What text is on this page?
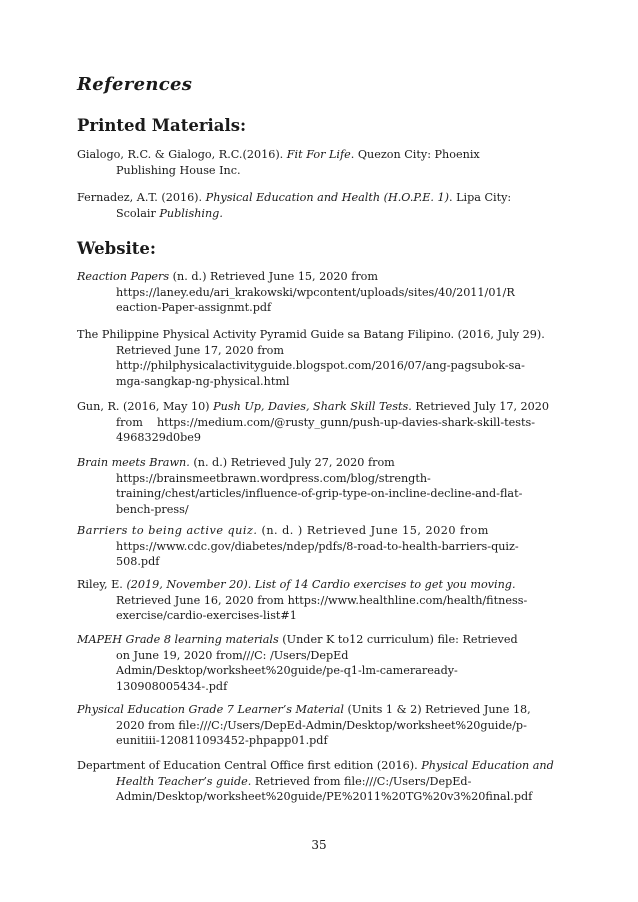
References
Printed Materials:

Gialogo, R.C. & Gialogo, R.C.(2016). Fit For Life. Quezon City: Phoenix
Publishing House Inc.

Fernadez, A.T. (2016). Physical Education and Health (H.O.P.E. 1). Lipa City:
Scolair Publishing.

Website:

Reaction Papers (n. d.) Retrieved June 15, 2020 from
https://laney.edu/ari_krakowski/wpcontent/uploads/sites/40/2011/01/R
eaction-Paper-assignmt.pdf

The Philippine Physical Activity Pyramid Guide sa Batang Filipino. (2016, July 29).
Retrieved June 17, 2020 from
http://philphysicalactivityguide.blogspot.com/2016/07/ang-pagsubok-sa-
mga-sangkap-ng-physical.html

Gun, R. (2016, May 10) Push Up, Davies, Shark Skill Tests. Retrieved July 17, 2020
from    https://medium.com/@rusty_gunn/push-up-davies-shark-skill-tests-
4968329d0be9

Brain meets Brawn. (n. d.) Retrieved July 27, 2020 from
https://brainsmeetbrawn.wordpress.com/blog/strength-
training/chest/articles/influence-of-grip-type-on-incline-decline-and-flat-
bench-press/

Barriers to being active quiz. (n. d. ) Retrieved June 15, 2020 from
https://www.cdc.gov/diabetes/ndep/pdfs/8-road-to-health-barriers-quiz-
508.pdf

Riley, E. (2019, November 20). List of 14 Cardio exercises to get you moving.
Retrieved June 16, 2020 from https://www.healthline.com/health/fitness-
exercise/cardio-exercises-list#1

MAPEH Grade 8 learning materials (Under K to12 curriculum) file: Retrieved
on June 19, 2020 from///C: /Users/DepEd
Admin/Desktop/worksheet%20guide/pe-q1-lm-cameraready-
130908005434-.pdf

Physical Education Grade 7 Learner’s Material (Units 1 & 2) Retrieved June 18,
2020 from file:///C:/Users/DepEd-Admin/Desktop/worksheet%20guide/p-
eunitiii-120811093452-phpapp01.pdf

Department of Education Central Office first edition (2016). Physical Education and
Health Teacher’s guide. Retrieved from file:///C:/Users/DepEd-
Admin/Desktop/worksheet%20guide/PE%2011%20TG%20v3%20final.pdf

35
